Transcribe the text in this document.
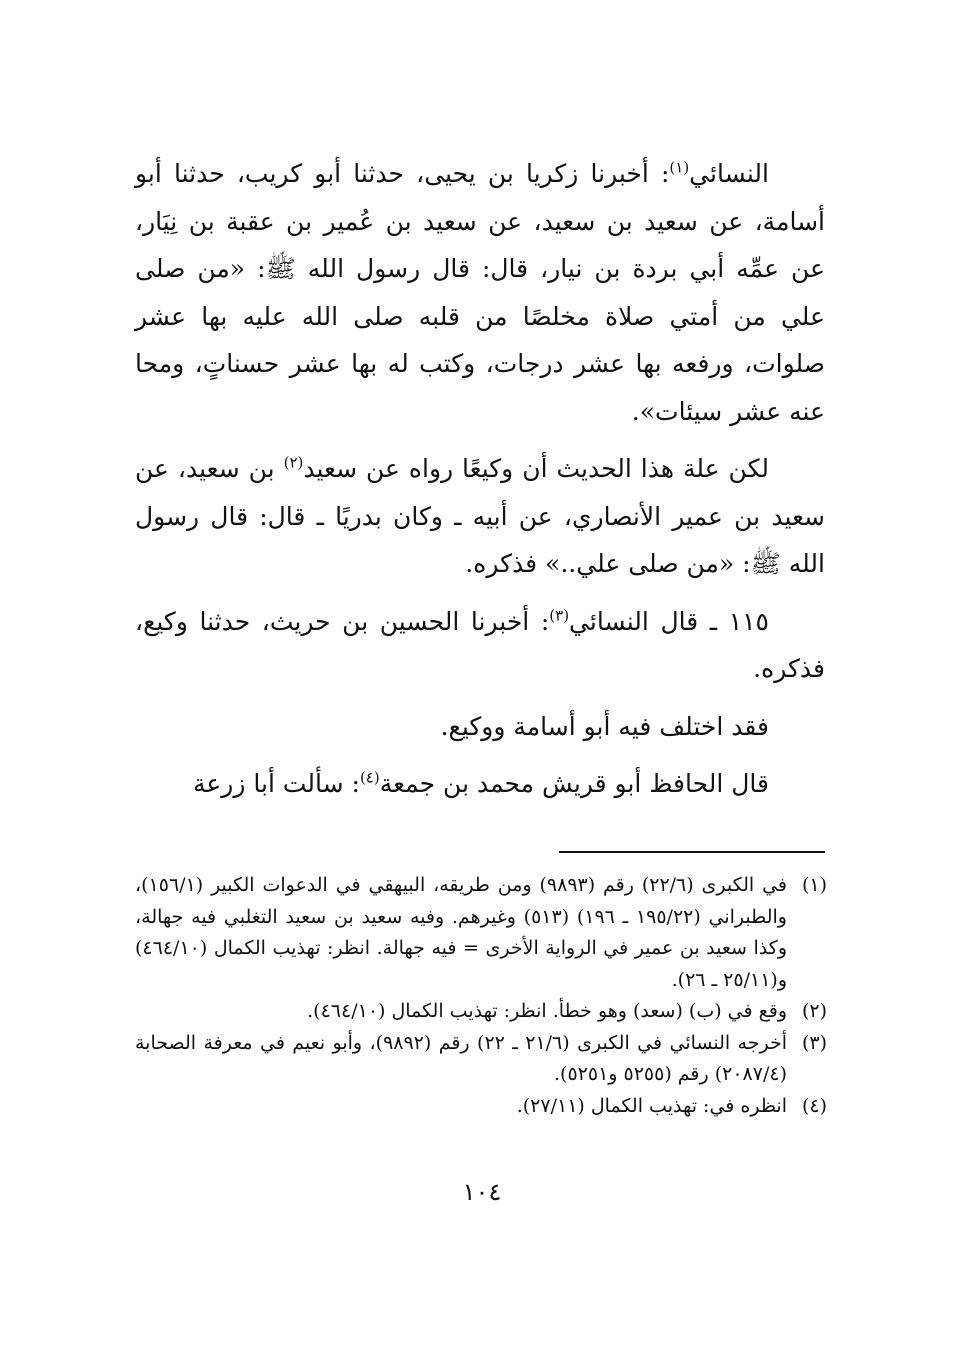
النسائي$^{(١)}$: أخبرنا زكريا بن يحيى، حدثنا أبو كريب، حدثنا أبو أسامة، عن سعيد بن سعيد، عن سعيد بن عُمير بن عقبة بن نِيَار، عن عمِّه أبي بردة بن نيار، قال: قال رسول الله ﷺ: «من صلى علي من أمتي صلاة مخلصًا من قلبه صلى الله عليه بها عشر صلوات، ورفعه بها عشر درجات، وكتب له بها عشر حسناتٍ، ومحا عنه عشر سيئات».

لكن علة هذا الحديث أن وكيعًا رواه عن سعيد$^{(٢)}$ بن سعيد، عن سعيد بن عمير الأنصاري، عن أبيه ـ وكان بدريًا ـ قال: قال رسول الله ﷺ: «من صلى علي..» فذكره.

١١٥ ـ قال النسائي$^{(٣)}$: أخبرنا الحسين بن حريث، حدثنا وكيع، فذكره.

فقد اختلف فيه أبو أسامة ووكيع.

قال الحافظ أبو قريش محمد بن جمعة$^{(٤)}$: سألت أبا زرعة

(١)
في الكبرى (٢٢/٦) رقم (٩٨٩٣) ومن طريقه، البيهقي في الدعوات الكبير (١٥٦/١)، والطبراني (١٩٥/٢٢ ـ ١٩٦) (٥١٣) وغيرهم. وفيه سعيد بن سعيد التغلبي فيه جهالة، وكذا سعيد بن عمير في الرواية الأخرى = فيه جهالة. انظر: تهذيب الكمال (٤٦٤/١٠) و(٢٥/١١ ـ ٢٦).
(٢)
وقع في (ب) (سعد) وهو خطأ. انظر: تهذيب الكمال (٤٦٤/١٠).
(٣)
أخرجه النسائي في الكبرى (٢١/٦ ـ ٢٢) رقم (٩٨٩٢)، وأبو نعيم في معرفة الصحابة (٢٠٨٧/٤) رقم (٥٢٥٥ و٥٢٥١).
(٤)
انظره في: تهذيب الكمال (٢٧/١١).
١٠٤
